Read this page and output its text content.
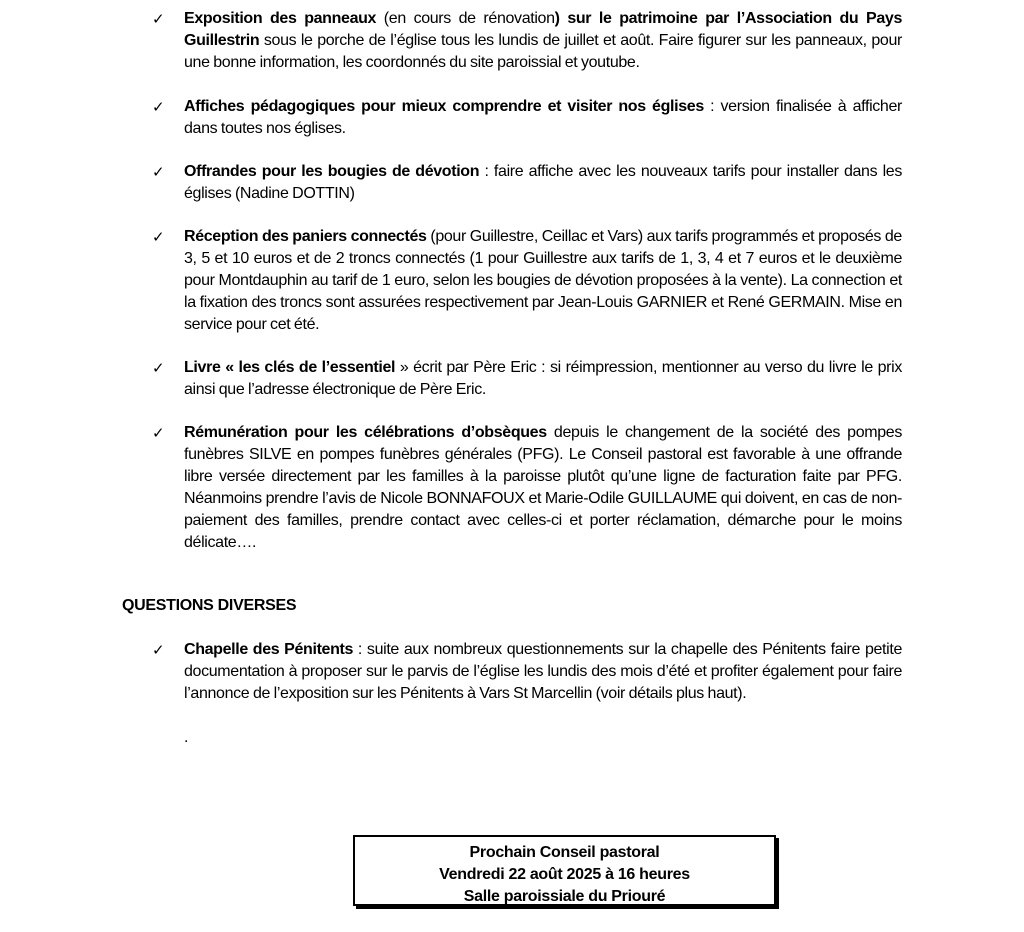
✓	Exposition des panneaux (en cours de rénovation) sur le patrimoine par l’Association du Pays Guillestrin sous le porche de l’église tous les lundis de juillet et août. Faire figurer sur les panneaux, pour une bonne information, les coordonnés du site paroissial et youtube.
✓	Affiches pédagogiques pour mieux comprendre et visiter nos églises : version finalisée à afficher dans toutes nos églises.
✓	Offrandes pour les bougies de dévotion : faire affiche avec les nouveaux tarifs pour installer dans les églises (Nadine DOTTIN)
✓	Réception des paniers connectés (pour Guillestre, Ceillac et Vars) aux tarifs programmés et proposés de 3, 5 et 10 euros et de 2 troncs connectés (1 pour Guillestre aux tarifs de 1, 3, 4 et 7 euros et le deuxième pour Montdauphin au tarif de 1 euro, selon les bougies de dévotion proposées à la vente). La connection et la fixation des troncs sont assurées respectivement par Jean-Louis GARNIER et René GERMAIN. Mise en service pour cet été.
✓	Livre « les clés de l’essentiel » écrit par Père Eric : si réimpression, mentionner au verso du livre le prix ainsi que l’adresse électronique de Père Eric.
✓	Rémunération pour les célébrations d’obsèques depuis le changement de la société des pompes funèbres SILVE en pompes funèbres générales (PFG). Le Conseil pastoral est favorable à une offrande libre versée directement par les familles à la paroisse plutôt qu’une ligne de facturation faite par PFG. Néanmoins prendre l’avis de Nicole BONNAFOUX et Marie-Odile GUILLAUME qui doivent, en cas de non-paiement des familles, prendre contact avec celles-ci et porter réclamation, démarche pour le moins délicate….
QUESTIONS DIVERSES
✓	Chapelle des Pénitents : suite aux nombreux questionnements sur la chapelle des Pénitents faire petite documentation à proposer sur le parvis de l’église les lundis des mois d’été et profiter également pour faire l’annonce de l’exposition sur les Pénitents à Vars St Marcellin (voir détails plus haut).
.
Prochain Conseil pastoral
Vendredi 22 août 2025 à 16 heures
Salle paroissiale du Priouré
